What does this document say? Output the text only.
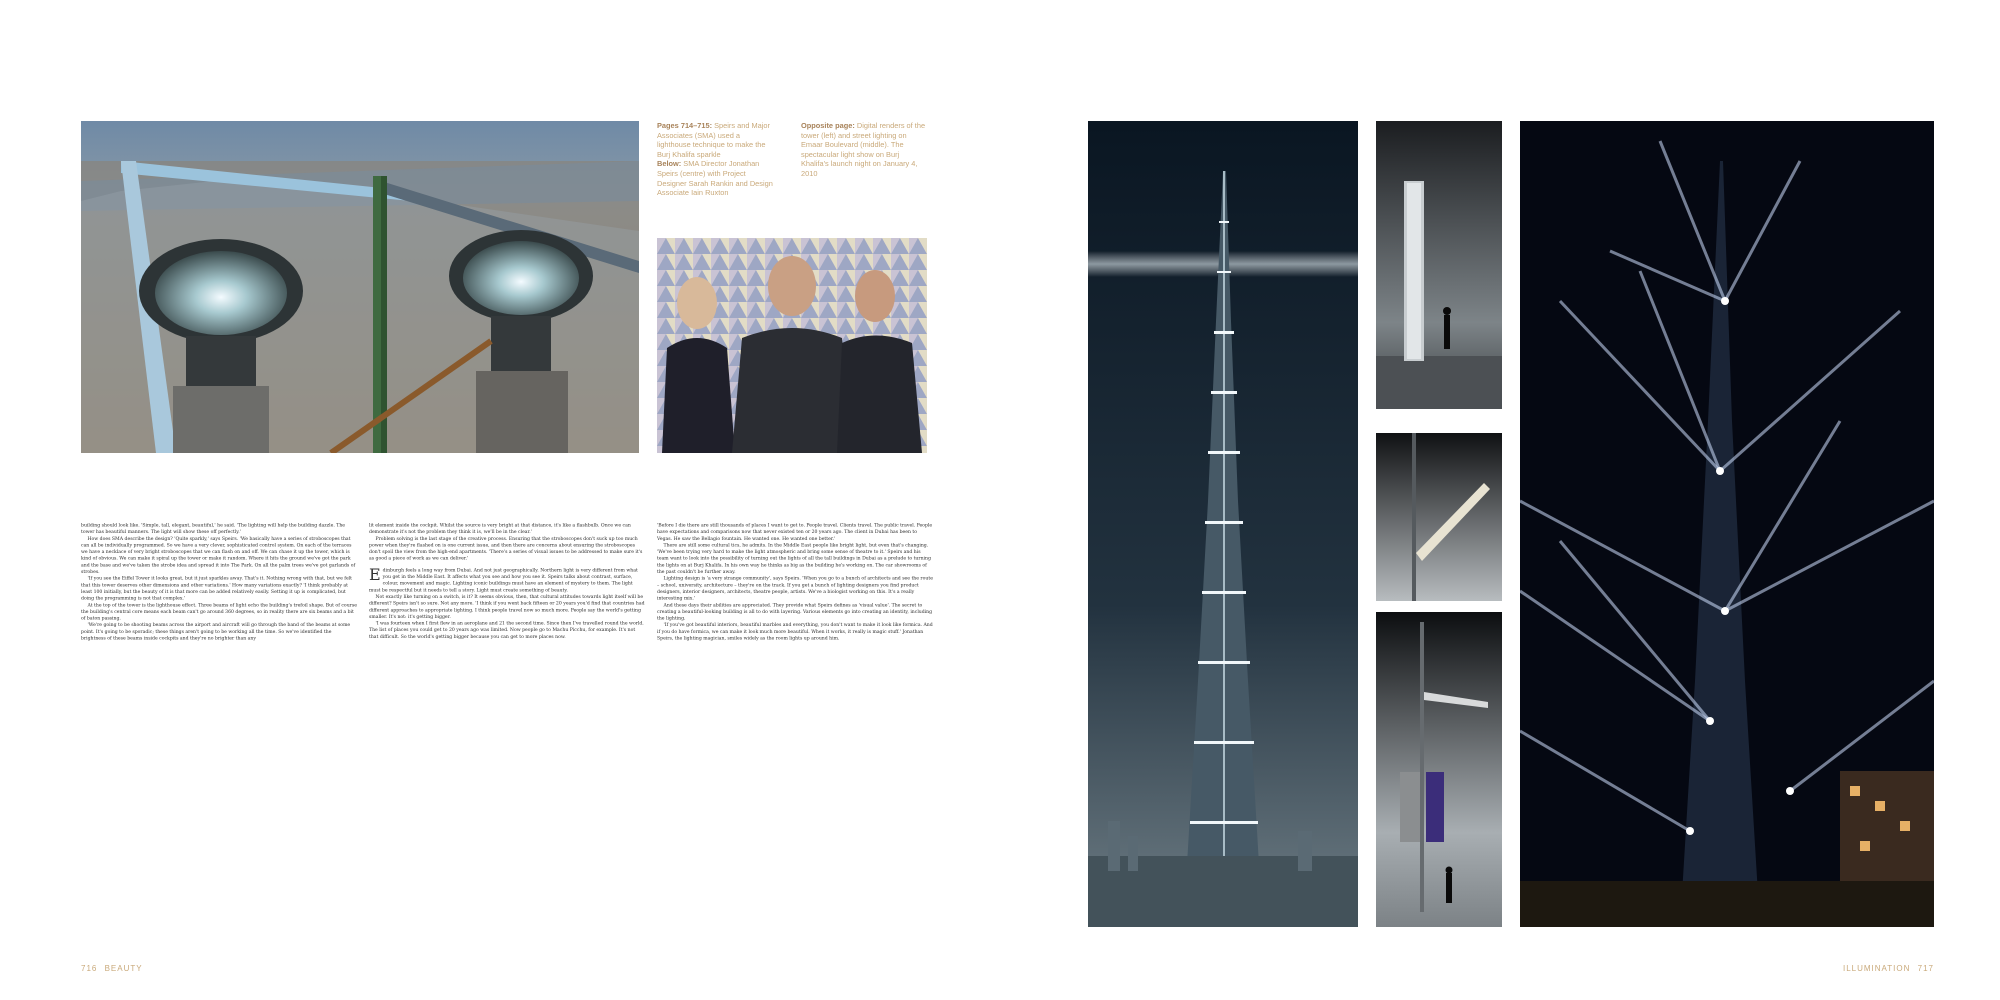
Pages 714–715: Speirs and Major Associates (SMA) used a lighthouse technique to make the Burj Khalifa sparkle
Below: SMA Director Jonathan Speirs (centre) with Project Designer Sarah Rankin and Design Associate Iain Ruxton
Opposite page: Digital renders of the tower (left) and street lighting on Emaar Boulevard (middle). The spectacular light show on Burj Khalifa's launch night on January 4, 2010

building should look like. 'Simple, tall, elegant, beautiful,' he said. 'The lighting will help the building dazzle. The tower has beautiful manners. The light will show these off perfectly.'

How does SMA describe the design? 'Quite sparkly,' says Speirs. 'We basically have a series of stroboscopes that can all be individually programmed. So we have a very clever, sophisticated control system. On each of the terraces we have a necklace of very bright stroboscopes that we can flash on and off. We can chase it up the tower, which is kind of obvious. We can make it spiral up the tower or make it random. Where it hits the ground we've got the park and the base and we've taken the strobe idea and spread it into The Park. On all the palm trees we've got garlands of strobes.

'If you see the Eiffel Tower it looks great, but it just sparkles away. That's it. Nothing wrong with that, but we felt that this tower deserves other dimensions and other variations.' How many variations exactly? 'I think probably at least 100 initially, but the beauty of it is that more can be added relatively easily. Setting it up is complicated, but doing the programming is not that complex.'

At the top of the tower is the lighthouse effect. Three beams of light echo the building's trefoil shape. But of course the building's central core means each beam can't go around 360 degrees, so in reality there are six beams and a bit of baton passing.

'We're going to be shooting beams across the airport and aircraft will go through the band of the beams at some point. It's going to be sporadic; these things aren't going to be working all the time. So we've identified the brightness of these beams inside cockpits and they're no brighter than any

lit element inside the cockpit. Whilst the source is very bright at that distance, it's like a flashbulb. Once we can demonstrate it's not the problem they think it is, we'll be in the clear.'

Problem solving is the last stage of the creative process. Ensuring that the stroboscopes don't suck up too much power when they're flashed on is one current issue, and then there are concerns about ensuring the stroboscopes don't spoil the view from the high-end apartments. 'There's a series of visual issues to be addressed to make sure it's as good a piece of work as we can deliver.'

Edinburgh feels a long way from Dubai. And not just geographically. Northern light is very different from what you get in the Middle East. It affects what you see and how you see it. Speirs talks about contrast, surface, colour, movement and magic. Lighting iconic buildings must have an element of mystery to them. The light must be respectful but it needs to tell a story. Light must create something of beauty.

Not exactly like turning on a switch, is it? It seems obvious, then, that cultural attitudes towards light itself will be different? Speirs isn't so sure. Not any more. 'I think if you went back fifteen or 20 years you'd find that countries had different approaches to appropriate lighting. I think people travel now so much more. People say the world's getting smaller. It's not: it's getting bigger.

'I was fourteen when I first flew in an aeroplane and 21 the second time. Since then I've travelled round the world. The list of places you could get to 20 years ago was limited. Now people go to Machu Picchu, for example. It's not that difficult. So the world's getting bigger because you can get to more places now.

'Before I die there are still thousands of places I want to get to. People travel. Clients travel. The public travel. People have expectations and comparisons now that never existed ten or 20 years ago. The client in Dubai has been to Vegas. He saw the Bellagio fountain. He wanted one. He wanted one better.'

There are still some cultural tics, he admits. In the Middle East people like bright light, but even that's changing. 'We've been trying very hard to make the light atmospheric and bring some sense of theatre to it.' Speirs and his team want to look into the possibility of turning out the lights of all the tall buildings in Dubai as a prelude to turning the lights on at Burj Khalifa. In his own way he thinks as big as the building he's working on. The car showrooms of the past couldn't be further away.

Lighting design is 'a very strange community', says Speirs. 'When you go to a bunch of architects and see the route – school, university, architecture – they're on the track. If you get a bunch of lighting designers you find product designers, interior designers, architects, theatre people, artists. We've a biologist working on this. It's a really interesting mix.'

And these days their abilities are appreciated. They provide what Speirs defines as 'visual value'. The secret to creating a beautiful-looking building is all to do with layering. Various elements go into creating an identity, including the lighting.

'If you've got beautiful interiors, beautiful marbles and everything, you don't want to make it look like formica. And if you do have formica, we can make it look much more beautiful. When it works, it really is magic stuff.' Jonathan Speirs, the lighting magician, smiles widely as the room lights up around him.

716 BEAUTY	ILLUMINATION 717
